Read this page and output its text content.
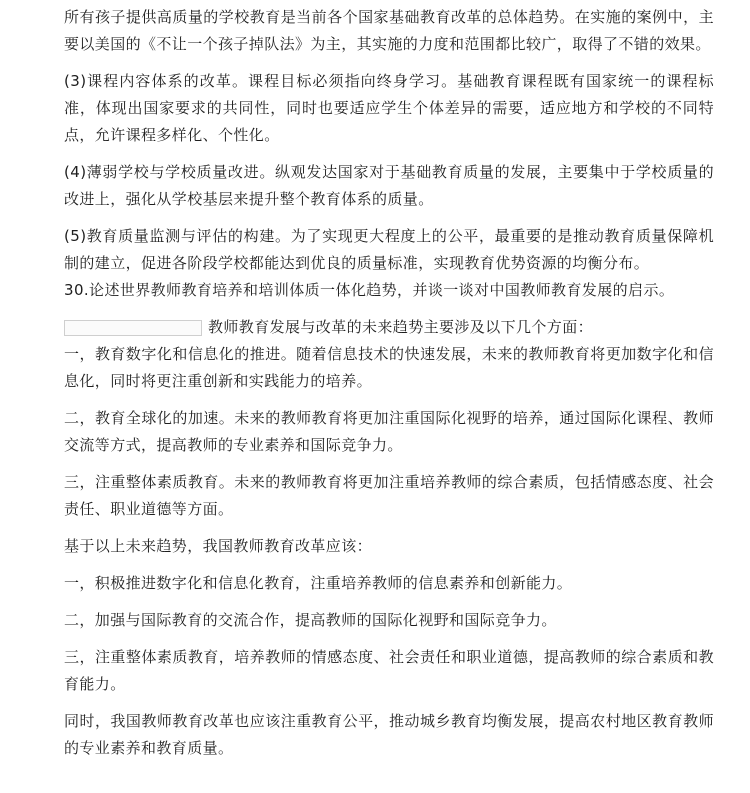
所有孩子提供高质量的学校教育是当前各个国家基础教育改革的总体趋势。在实施的案例中，主要以美国的《不让一个孩子掉队法》为主，其实施的力度和范围都比较广，取得了不错的效果。

(3)课程内容体系的改革。课程目标必须指向终身学习。基础教育课程既有国家统一的课程标准，体现出国家要求的共同性，同时也要适应学生个体差异的需要，适应地方和学校的不同特点，允许课程多样化、个性化。

(4)薄弱学校与学校质量改进。纵观发达国家对于基础教育质量的发展，主要集中于学校质量的改进上，强化从学校基层来提升整个教育体系的质量。

(5)教育质量监测与评估的构建。为了实现更大程度上的公平，最重要的是推动教育质量保障机制的建立，促进各阶段学校都能达到优良的质量标准，实现教育优势资源的均衡分布。

30.论述世界教师教育培养和培训体质一体化趋势，并谈一谈对中国教师教育发展的启示。

教师教育发展与改革的未来趋势主要涉及以下几个方面：

一，教育数字化和信息化的推进。随着信息技术的快速发展，未来的教师教育将更加数字化和信息化，同时将更注重创新和实践能力的培养。

二，教育全球化的加速。未来的教师教育将更加注重国际化视野的培养，通过国际化课程、教师交流等方式，提高教师的专业素养和国际竞争力。

三，注重整体素质教育。未来的教师教育将更加注重培养教师的综合素质，包括情感态度、社会责任、职业道德等方面。

基于以上未来趋势，我国教师教育改革应该：

一，积极推进数字化和信息化教育，注重培养教师的信息素养和创新能力。

二，加强与国际教育的交流合作，提高教师的国际化视野和国际竞争力。

三，注重整体素质教育，培养教师的情感态度、社会责任和职业道德，提高教师的综合素质和教育能力。

同时，我国教师教育改革也应该注重教育公平，推动城乡教育均衡发展，提高农村地区教育教师的专业素养和教育质量。
